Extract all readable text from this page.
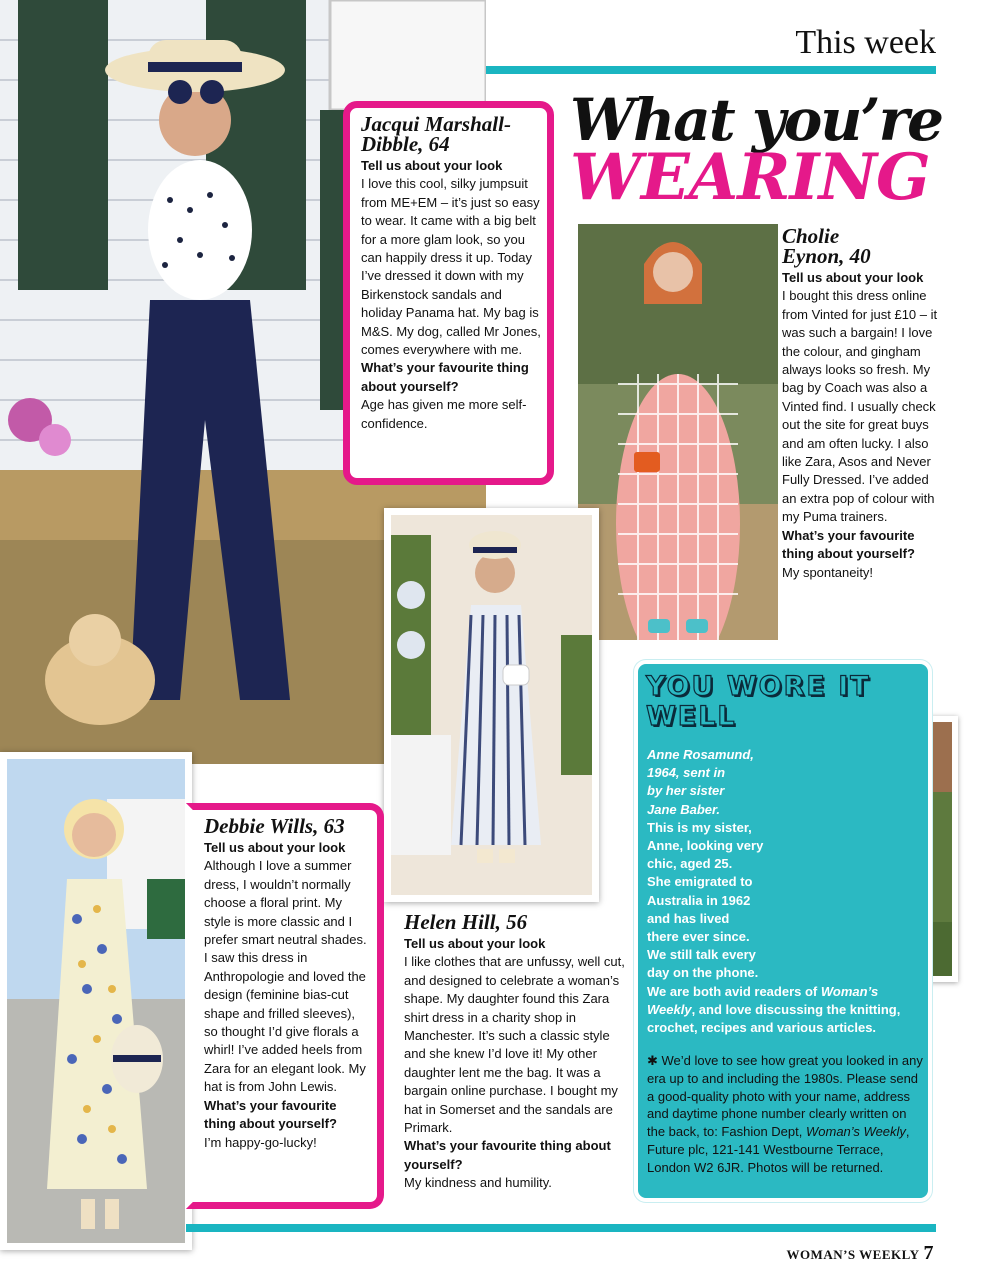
This week
What you’re
WEARING
Jacqui Marshall-
Dibble, 64

Tell us about your look

I love this cool, silky jumpsuit from ME+EM – it’s just so easy to wear. It came with a big belt for a more glam look, so you can happily dress it up. Today I’ve dressed it down with my Birkenstock sandals and holiday Panama hat. My bag is M&S. My dog, called Mr Jones, comes everywhere with me.

What’s your favourite thing about yourself?

Age has given me more self-confidence.

Cholie
Eynon, 40

Tell us about your look

I bought this dress online from Vinted for just £10 – it was such a bargain! I love the colour, and gingham always looks so fresh. My bag by Coach was also a Vinted find. I usually check out the site for great buys and am often lucky. I also like Zara, Asos and Never Fully Dressed. I’ve added an extra pop of colour with my Puma trainers.

What’s your favourite thing about yourself?

My spontaneity!

Debbie Wills, 63

Tell us about your look

Although I love a summer dress, I wouldn’t normally choose a floral print. My style is more classic and I prefer smart neutral shades. I saw this dress in Anthropologie and loved the design (feminine bias-cut shape and frilled sleeves), so thought I’d give florals a whirl! I’ve added heels from Zara for an elegant look. My hat is from John Lewis.

What’s your favourite thing about yourself?

I’m happy-go-lucky!

Helen Hill, 56

Tell us about your look

I like clothes that are unfussy, well cut, and designed to celebrate a woman’s shape. My daughter found this Zara shirt dress in a charity shop in Manchester. It’s such a classic style and she knew I’d love it! My other daughter lent me the bag. It was a bargain online purchase. I bought my hat in Somerset and the sandals are Primark.

What’s your favourite thing about yourself?

My kindness and humility.

YOU WORE IT WELL
Anne Rosamund,
1964, sent in
by her sister
Jane Baber.
This is my sister,
Anne, looking very
chic, aged 25.
She emigrated to
Australia in 1962
and has lived
there ever since.
We still talk every
day on the phone.
We are both avid readers of Woman’s Weekly, and love discussing the knitting, crochet, recipes and various articles.
✱ We’d love to see how great you looked in any era up to and including the 1980s. Please send a good-quality photo with your name, address and daytime phone number clearly written on the back, to: Fashion Dept, Woman’s Weekly, Future plc, 121-141 Westbourne Terrace, London W2 6JR. Photos will be returned.
WOMAN’S WEEKLY 7
